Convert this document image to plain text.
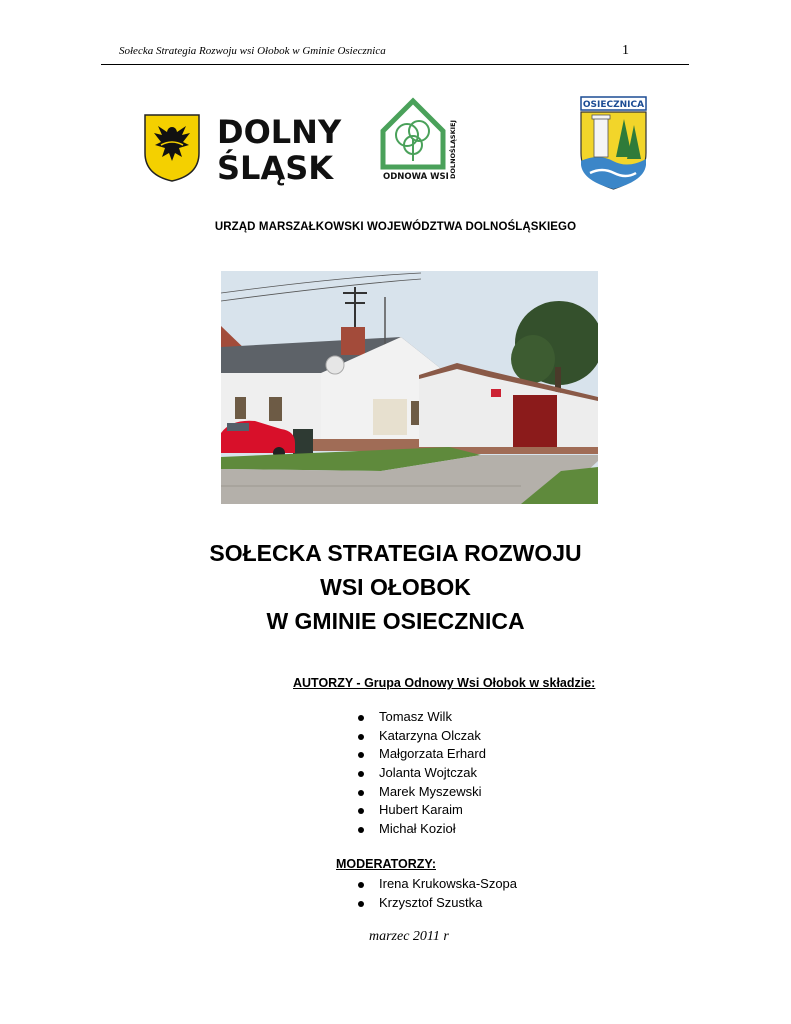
Sołecka Strategia Rozwoju wsi Ołobok w Gminie Osiecznica	1
DOLNY
ŚLĄSK	ODNOWA WSI DOLNOŚLĄSKIEJ
OSIECZNICA
URZĄD MARSZAŁKOWSKI WOJEWÓDZTWA DOLNOŚLĄSKIEGO
SOŁECKA STRATEGIA ROZWOJU
WSI OŁOBOK
W GMINIE OSIECZNICA
AUTORZY - Grupa Odnowy Wsi Ołobok w składzie:
Tomasz Wilk
Katarzyna Olczak
Małgorzata Erhard
Jolanta Wojtczak
Marek Myszewski
Hubert Karaim
Michał Kozioł
MODERATORZY:
Irena Krukowska-Szopa
Krzysztof Szustka
marzec 2011 r
